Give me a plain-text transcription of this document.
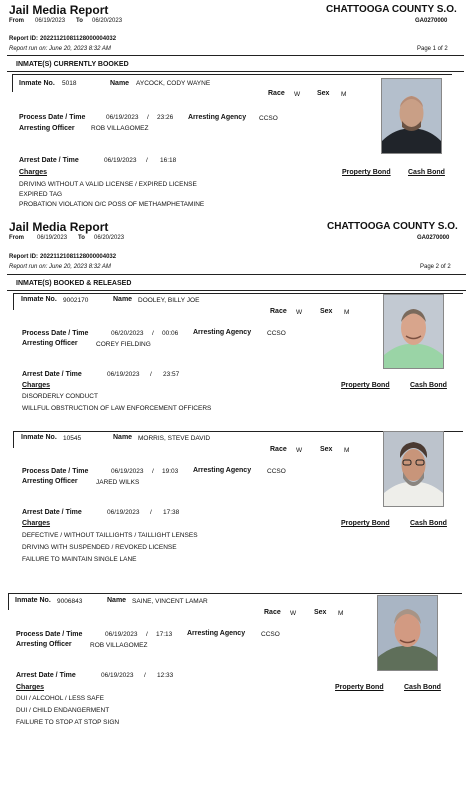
Jail Media Report	CHATTOOGA COUNTY S.O.
From 06/19/2023 To 06/20/2023	GA0270000
Report ID: 20221121081128000004032
Report run on: June 20, 2023 8:32 AM	Page 1 of 2
INMATE(S) CURRENTLY BOOKED
Inmate No. 5018	Name AYCOCK, CODY WAYNE
Race W Sex M
Process Date / Time	06/19/2023 / 23:26 Arresting Agency CCSO
Arresting Officer	ROB VILLAGOMEZ
Arrest Date / Time	06/19/2023 / 16:18
Charges	Property Bond Cash Bond
DRIVING WITHOUT A VALID LICENSE / EXPIRED LICENSE
EXPIRED TAG
PROBATION VIOLATION O/C POSS OF METHAMPHETAMINE
Jail Media Report	CHATTOOGA COUNTY S.O.
From 06/19/2023 To 06/20/2023	GA0270000
Report ID: 20221121081128000004032
Report run on: June 20, 2023 8:32 AM	Page 2 of 2
INMATE(S) BOOKED & RELEASED
Inmate No. 9002170	Name DOOLEY, BILLY JOE
Race W	Sex M
Process Date / Time	06/20/2023 / 00:06 Arresting Agency CCSO
Arresting Officer	COREY FIELDING
Arrest Date / Time	06/19/2023 / 23:57
Charges	Property Bond	Cash Bond
DISORDERLY CONDUCT
WILLFUL OBSTRUCTION OF LAW ENFORCEMENT OFFICERS
Inmate No. 10545	Name MORRIS, STEVE DAVID
Race W	Sex M
Process Date / Time	06/19/2023 / 19:03 Arresting Agency CCSO
Arresting Officer	JARED WILKS
Arrest Date / Time	06/19/2023 / 17:38
Charges	Property Bond	Cash Bond
DEFECTIVE / WITHOUT TAILLIGHTS / TAILLIGHT LENSES
DRIVING WITH SUSPENDED / REVOKED LICENSE
FAILURE TO MAINTAIN SINGLE LANE
Inmate No. 9006843	Name SAINE, VINCENT LAMAR
Race W	Sex M
Process Date / Time	06/19/2023 / 17:13 Arresting Agency CCSO
Arresting Officer	ROB VILLAGOMEZ
Arrest Date / Time	06/19/2023 / 12:33
Charges	Property Bond	Cash Bond
DUI / ALCOHOL / LESS SAFE
DUI / CHILD ENDANGERMENT
FAILURE TO STOP AT STOP SIGN
